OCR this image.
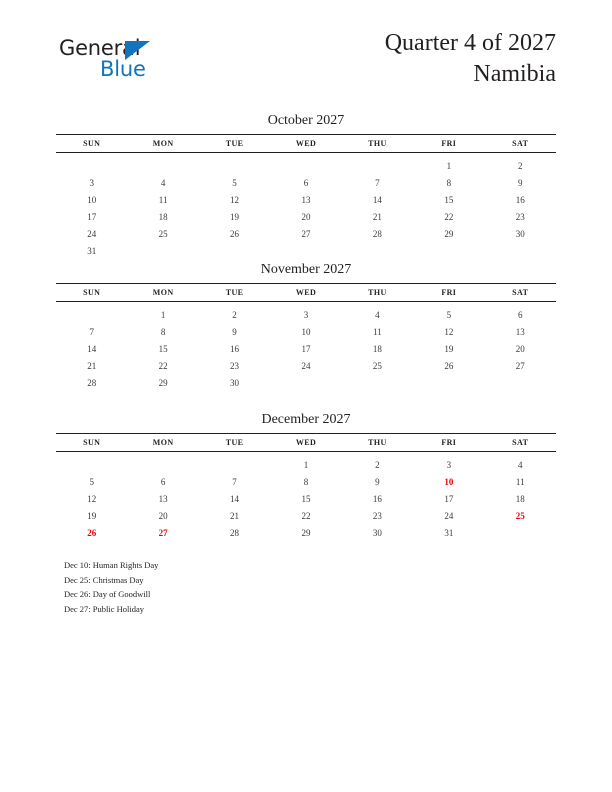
General
Blue
Quarter 4 of 2027
Namibia
October 2027
SUN	MON	TUE	WED	THU	FRI	SAT
					1	2
3	4	5	6	7	8	9
10	11	12	13	14	15	16
17	18	19	20	21	22	23
24	25	26	27	28	29	30
31						
November 2027
SUN	MON	TUE	WED	THU	FRI	SAT
	1	2	3	4	5	6
7	8	9	10	11	12	13
14	15	16	17	18	19	20
21	22	23	24	25	26	27
28	29	30				
December 2027
SUN	MON	TUE	WED	THU	FRI	SAT
			1	2	3	4
5	6	7	8	9	10	11
12	13	14	15	16	17	18
19	20	21	22	23	24	25
26	27	28	29	30	31	
Dec 10: Human Rights Day
Dec 25: Christmas Day
Dec 26: Day of Goodwill
Dec 27: Public Holiday
